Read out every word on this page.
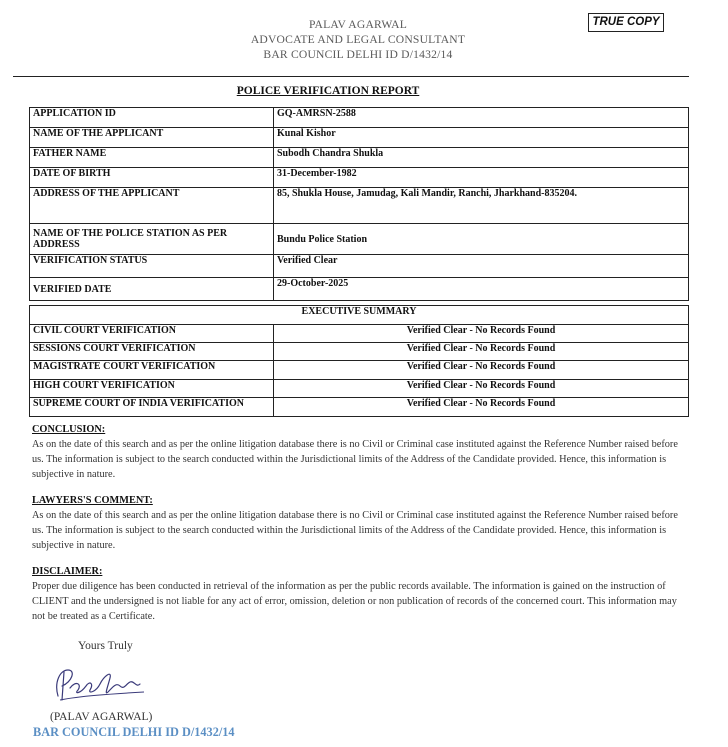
PALAV AGARWAL
ADVOCATE AND LEGAL CONSULTANT
BAR COUNCIL DELHI ID D/1432/14
TRUE COPY
POLICE VERIFICATION REPORT
APPLICATION ID	GQ-AMRSN-2588
NAME OF THE APPLICANT	Kunal Kishor
FATHER NAME	Subodh Chandra Shukla
DATE OF BIRTH	31-December-1982
ADDRESS OF THE APPLICANT	85, Shukla House, Jamudag, Kali Mandir, Ranchi, Jharkhand-835204.
NAME OF THE POLICE STATION AS PER ADDRESS	Bundu Police Station
VERIFICATION STATUS	Verified Clear
VERIFIED DATE	29-October-2025
EXECUTIVE SUMMARY	
CIVIL COURT VERIFICATION	Verified Clear - No Records Found
SESSIONS COURT VERIFICATION	Verified Clear - No Records Found
MAGISTRATE COURT VERIFICATION	Verified Clear - No Records Found
HIGH COURT VERIFICATION	Verified Clear - No Records Found
SUPREME COURT OF INDIA VERIFICATION	Verified Clear - No Records Found
CONCLUSION:
As on the date of this search and as per the online litigation database there is no Civil or Criminal case instituted against the Reference Number raised before us. The information is subject to the search conducted within the Jurisdictional limits of the Address of the Candidate provided. Hence, this information is subjective in nature.
LAWYERS'S COMMENT:
As on the date of this search and as per the online litigation database there is no Civil or Criminal case instituted against the Reference Number raised before us. The information is subject to the search conducted within the Jurisdictional limits of the Address of the Candidate provided. Hence, this information is subjective in nature.
DISCLAIMER:
Proper due diligence has been conducted in retrieval of the information as per the public records available. The information is gained on the instruction of CLIENT and the undersigned is not liable for any act of error, omission, deletion or non publication of records of the concerned court. This information may not be treated as a Certificate.
Yours Truly
(PALAV AGARWAL)
BAR COUNCIL DELHI ID D/1432/14
